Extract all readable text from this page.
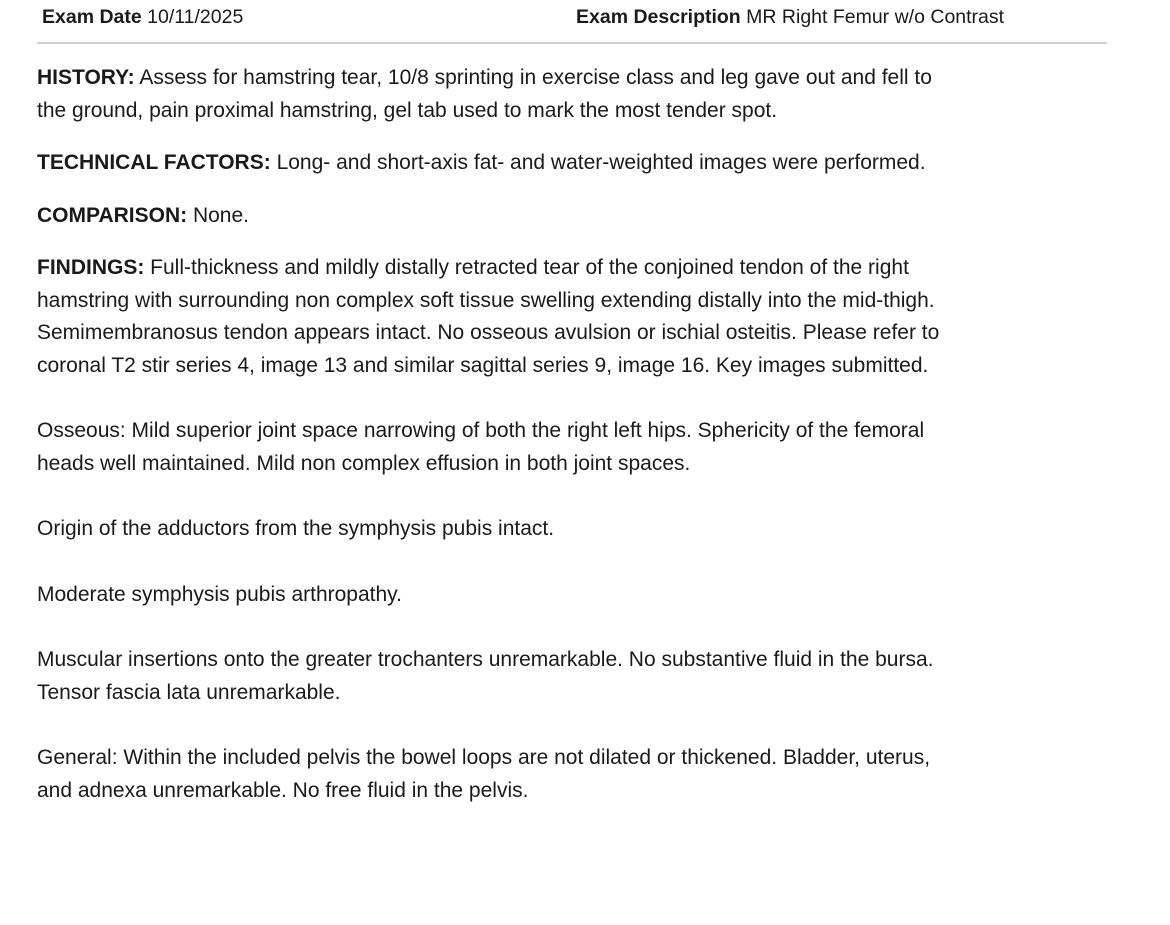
Exam Date 10/11/2025	Exam Description MR Right Femur w/o Contrast

HISTORY: Assess for hamstring tear, 10/8 sprinting in exercise class and leg gave out and fell to
the ground, pain proximal hamstring, gel tab used to mark the most tender spot.

TECHNICAL FACTORS: Long- and short-axis fat- and water-weighted images were performed.

COMPARISON: None.

FINDINGS: Full-thickness and mildly distally retracted tear of the conjoined tendon of the right
hamstring with surrounding non complex soft tissue swelling extending distally into the mid-thigh.
Semimembranosus tendon appears intact. No osseous avulsion or ischial osteitis. Please refer to
coronal T2 stir series 4, image 13 and similar sagittal series 9, image 16. Key images submitted.

Osseous: Mild superior joint space narrowing of both the right left hips. Sphericity of the femoral
heads well maintained. Mild non complex effusion in both joint spaces.

Origin of the adductors from the symphysis pubis intact.

Moderate symphysis pubis arthropathy.

Muscular insertions onto the greater trochanters unremarkable. No substantive fluid in the bursa.
Tensor fascia lata unremarkable.

General: Within the included pelvis the bowel loops are not dilated or thickened. Bladder, uterus,
and adnexa unremarkable. No free fluid in the pelvis.
